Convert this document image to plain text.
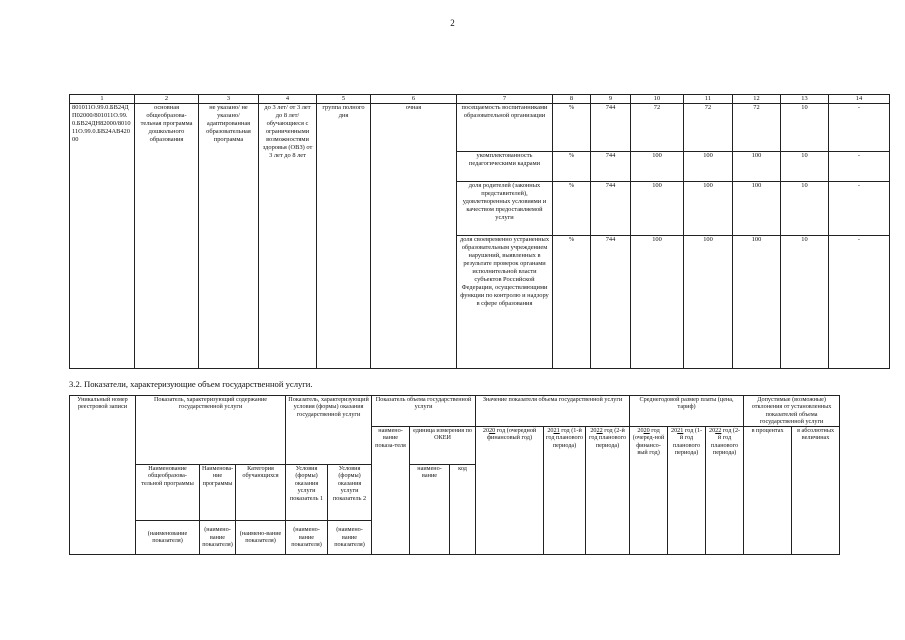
2
1	2	3	4	5	6	7	8	9	10	11	12	13	14
801011О.99.0.БВ24ДП02000/801011О.99.0.БВ24ДН82000/801011О.99.0.БВ24АВ42000	основная общеобразова-тельная программа дошкольного образования	не указано/ не указано/ адаптированная образовательная программа	до 3 лет/ от 3 лет до 8 лет/ обучающиеся с ограниченными возможностями здоровья (ОВЗ) от 3 лет до 8 лет	группа полного дня	очная	посещаемость воспитанниками образовательной организации	%	744	72	72	72	10	-
						укомплектованность педагогическими кадрами	%	744	100	100	100	10	-
						доля родителей (законных представителей), удовлетворенных условиями и качеством предоставляемой услуги	%	744	100	100	100	10	-
						доля своевременно устраненных образовательным учреждением нарушений, выявленных в результате проверок органами исполнительной власти субъектов Российской Федерации, осуществляющими функции по контролю и надзору в сфере образования	%	744	100	100	100	10	-
3.2. Показатели, характеризующие объем государственной услуги.
Уникальный номер реестровой записи	Показатель, характеризующий содержание государственной услуги			Показатель, характеризующий условия (формы) оказания государственной услуги		Показатель объема государственной услуги			Значение показателя объема государственной услуги			Среднегодовой размер платы (цена, тариф)			Допустимые (возможные) отклонения от установленных показателей объема государственной услуги	
						наимено-вание показа-теля	единица измерения по ОКЕИ		2020 год (очередной финансовый год)	2021 год (1-й год планового периода)	2022 год (2-й год планового периода)	2020 год (очеред-ной финансо-вый год)	2021 год (1-й год планового периода)	2022 год (2-й год планового периода)	в процентах	в абсолютных величинах
	Наименование общеобразова-тельной программы	Наименова-ние программы	Категория обучающихся	Условия (формы) оказания услуги показатель 1	Условия (формы) оказания услуги показатель 2		наимено-вание	код								
	(наименование показателя)	(наимено-вание показателя)	(наимено-вание показателя)	(наимено-вание показателя)	(наимено-вание показателя)											
